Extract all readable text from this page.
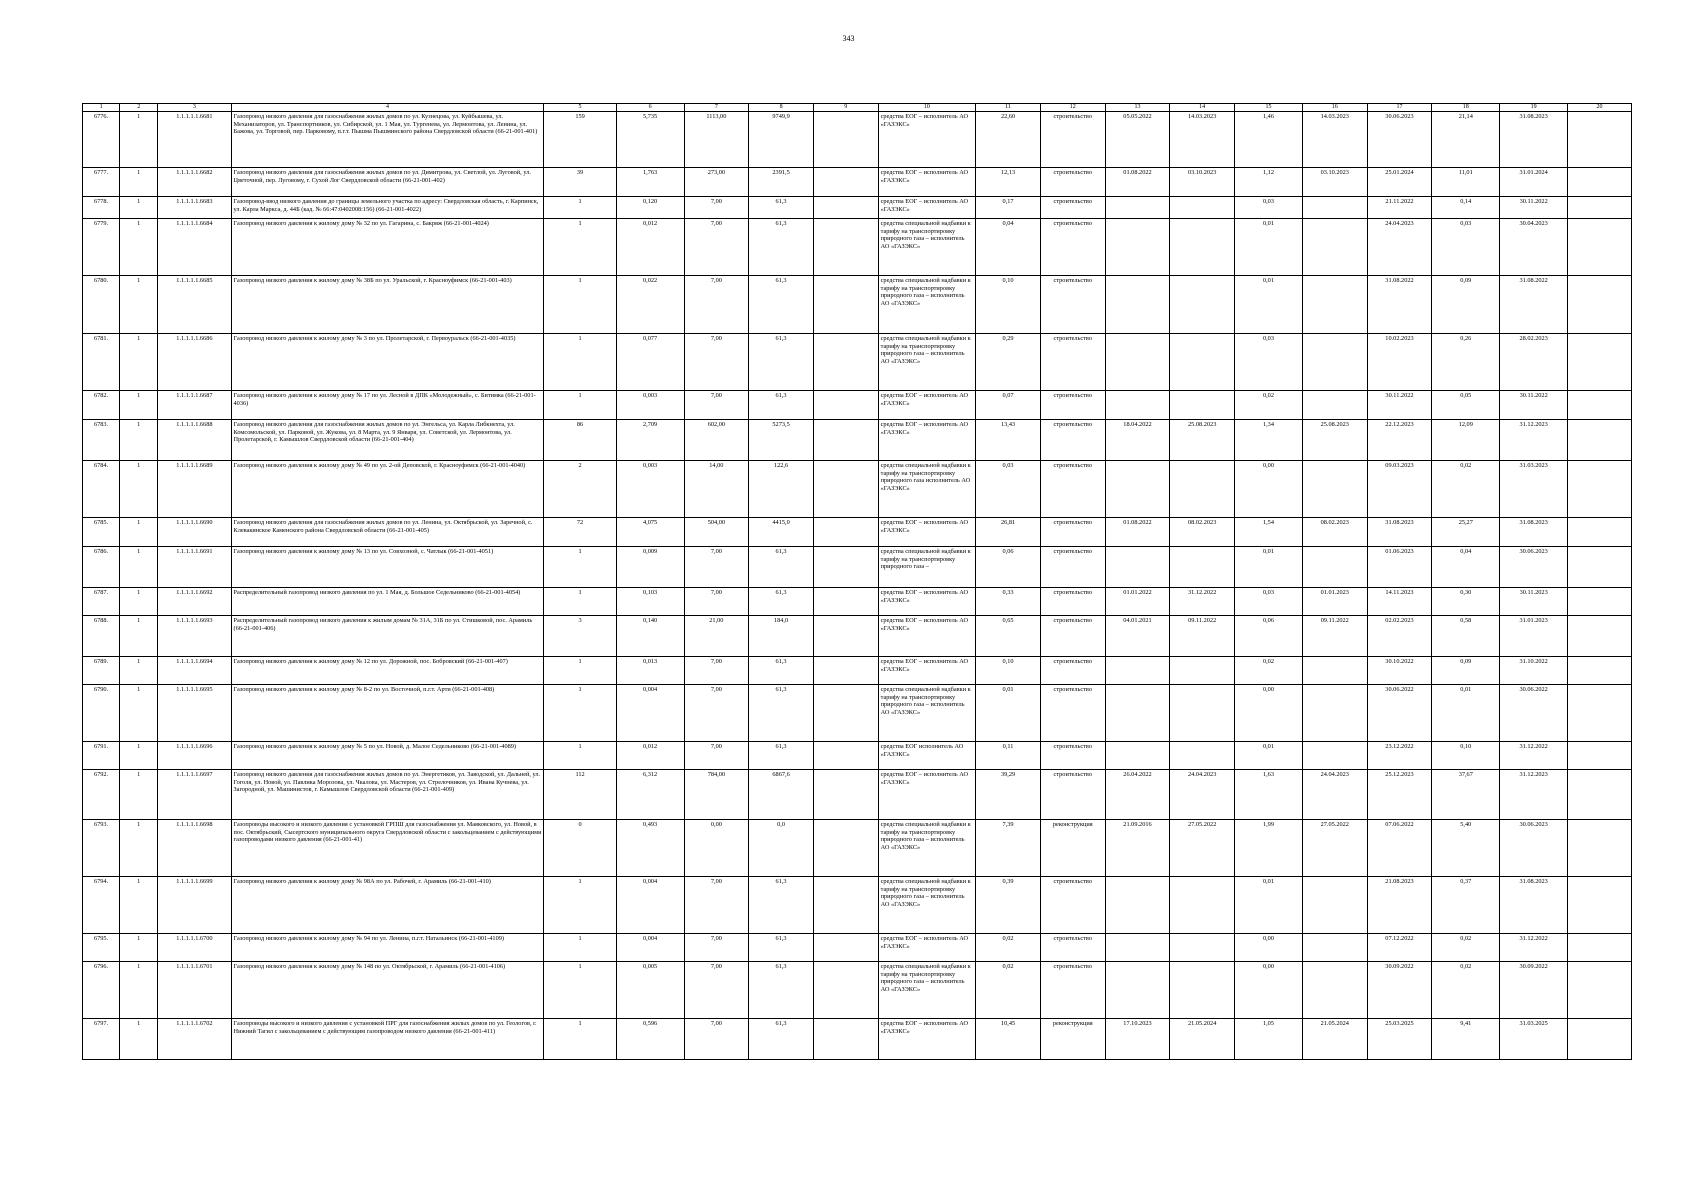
343
1	2	3	4	5	6	7	8	9	10	11	12	13	14	15	16	17	18	19	20
6776.	1	1.1.1.1.1.6681	Газопровод низкого давления для газоснабжения жилых домов по ул. Кузнецова, ул. Куйбышева, ул. Механизаторов, ул. Транспортников, ул. Сибирской, ул. 1 Мая, ул. Тургенева, ул. Лермонтова, ул. Ленина, ул. Бажова, ул. Торговой, пер. Парковому, п.г.т. Пышма Пышминского района Свердловской области (66-21-001-401)	159	5,735	1113,00	9749,9		средства ЕОГ – исполнитель АО «ГАЗЭКС»	22,60	строительство	05.05.2022	14.03.2023	1,46	14.03.2023	30.06.2023	21,14	31.08.2023	
6777.	1	1.1.1.1.1.6682	Газопровод низкого давления для газоснабжения жилых домов по ул. Димитрова, ул. Светлой, ул. Луговой, ул. Цветочной, пер. Луговому, г. Сухой Лог Свердловской области (66-21-001-402)	39	1,763	273,00	2391,5		средства ЕОГ – исполнитель АО «ГАЗЭКС»	12,13	строительство	01.08.2022	03.10.2023	1,12	03.10.2023	25.01.2024	11,01	31.01.2024	
6778.	1	1.1.1.1.1.6683	Газопровод-ввод низкого давления до границы земельного участка по адресу: Свердловская область, г. Карпинск, ул. Карла Маркса, д. 44Б (кад. № 66:47:0402008:156) (66-21-001-4022)	1	0,120	7,00	61,3		средства ЕОГ – исполнитель АО «ГАЗЭКС»	0,17	строительство			0,03		21.11.2022	0,14	30.11.2022	
6779.	1	1.1.1.1.1.6684	Газопровод низкого давления к жилому дому № 32 по ул. Гагарина, с. Бакряж (66-21-001-4024)	1	0,012	7,00	61,3		средства специальной надбавки к тарифу на транспортировку природного газа – исполнитель АО «ГАЗЭКС»	0,04	строительство			0,01		24.04.2023	0,03	30.04.2023	
6780.	1	1.1.1.1.1.6685	Газопровод низкого давления к жилому дому № 38Б по ул. Уральской, г. Красноуфимск (66-21-001-403)	1	0,022	7,00	61,3		средства специальной надбавки к тарифу на транспортировку природного газа – исполнитель АО «ГАЗЭКС»	0,10	строительство			0,01		31.08.2022	0,09	31.08.2022	
6781.	1	1.1.1.1.1.6686	Газопровод низкого давления к жилому дому № 3 по ул. Пролетарской, г. Первоуральск (66-21-001-4035)	1	0,077	7,00	61,3		средства специальной надбавки к тарифу на транспортировку природного газа – исполнитель АО «ГАЗЭКС»	0,29	строительство			0,03		10.02.2023	0,26	28.02.2023	
6782.	1	1.1.1.1.1.6687	Газопровод низкого давления к жилому дому № 17 по ул. Лесной в ДПК «Молодежный», с. Битимка (66-21-001-4036)	1	0,003	7,00	61,3		средства ЕОГ – исполнитель АО «ГАЗЭКС»	0,07	строительство			0,02		30.11.2022	0,05	30.11.2022	
6783.	1	1.1.1.1.1.6688	Газопровод низкого давления для газоснабжения жилых домов по ул. Энгельса, ул. Карла Либкнехта, ул. Комсомольской, ул. Парковой, ул. Жукова, ул. 8 Марта, ул. 9 Января, ул. Советской, ул. Лермонтова, ул. Пролетарской, г. Камышлов Свердловской области (66-21-001-404)	86	2,709	602,00	5273,5		средства ЕОГ – исполнитель АО «ГАЗЭКС»	13,43	строительство	18.04.2022	25.08.2023	1,34	25.08.2023	22.12.2023	12,09	31.12.2023	
6784.	1	1.1.1.1.1.6689	Газопровод низкого давления к жилому дому № 49 по ул. 2-ой Деповской, г. Красноуфимск (66-21-001-4040)	2	0,003	14,00	122,6		средства специальной надбавки к тарифу на транспортировку природного газа исполнитель АО «ГАЗЭКС»	0,03	строительство			0,00		09.03.2023	0,02	31.03.2023	
6785.	1	1.1.1.1.1.6690	Газопровод низкого давления для газоснабжения жилых домов по ул. Ленина, ул. Октябрьской, ул. Заречной, с. Клевакинское Каменского района Свердловской области (66-21-001-405)	72	4,075	504,00	4415,0		средства ЕОГ – исполнитель АО «ГАЗЭКС»	26,81	строительство	01.08.2022	08.02.2023	1,54	08.02.2023	31.08.2023	25,27	31.08.2023	
6786.	1	1.1.1.1.1.6691	Газопровод низкого давления к жилому дому № 13 по ул. Совхозной, с. Чатлык (66-21-001-4051)	1	0,009	7,00	61,3		средства специальной надбавки к тарифу на транспортировку природного газа –	0,06	строительство			0,01		01.06.2023	0,04	30.06.2023	
6787.	1	1.1.1.1.1.6692	Распределительный газопровод низкого давления по ул. 1 Мая, д. Большое Седельниково (66-21-001-4054)	1	0,103	7,00	61,3		средства ЕОГ – исполнитель АО «ГАЗЭКС»	0,33	строительство	01.01.2022	31.12.2022	0,03	01.01.2023	14.11.2023	0,30	30.11.2023	
6788.	1	1.1.1.1.1.6693	Распределительный газопровод низкого давления к жилым домам № 31А, 31Б по ул. Стишковой, пос. Арамиль (66-21-001-406)	3	0,140	21,00	184,0		средства ЕОГ – исполнитель АО «ГАЗЭКС»	0,65	строительство	04.01.2021	09.11.2022	0,06	09.11.2022	02.02.2023	0,58	31.01.2023	
6789.	1	1.1.1.1.1.6694	Газопровод низкого давления к жилому дому № 12 по ул. Дорожной, пос. Бобровский (66-21-001-407)	1	0,013	7,00	61,3		средства ЕОГ – исполнитель АО «ГАЗЭКС»	0,10	строительство			0,02		30.10.2022	0,09	31.10.2022	
6790.	1	1.1.1.1.1.6695	Газопровод низкого давления к жилому дому № 8-2 по ул. Восточной, п.г.т. Арти (66-21-001-408)	1	0,004	7,00	61,3		средства специальной надбавки к тарифу на транспортировку природного газа – исполнитель АО «ГАЗЭКС»	0,01	строительство			0,00		30.06.2022	0,01	30.06.2022	
6791.	1	1.1.1.1.1.6696	Газопровод низкого давления к жилому дому № 5 по ул. Новой, д. Малое Седельниково (66-21-001-4089)	1	0,012	7,00	61,3		средства ЕОГ исполнитель АО «ГАЗЭКС»	0,11	строительство			0,01		23.12.2022	0,10	31.12.2022	
6792.	1	1.1.1.1.1.6697	Газопровод низкого давления для газоснабжения жилых домов по ул. Энергетиков, ул. Заводской, ул. Дальней, ул. Гоголя, ул. Новой, ул. Павлика Морозова, ул. Чкалова, ул. Мастеров, ул. Стрелочников, ул. Ивана Кучнева, ул. Загородной, ул. Машинистов, г. Камышлов Свердловской области (66-21-001-409)	112	6,312	784,00	6867,6		средства ЕОГ – исполнитель АО «ГАЗЭКС»	39,29	строительство	26.04.2022	24.04.2023	1,63	24.04.2023	25.12.2023	37,67	31.12.2023	
6793.	1	1.1.1.1.1.6698	Газопроводы высокого и низкого давления с установкой ГРПШ для газоснабжения ул. Маяковского, ул. Новой, в пос. Октябрьский, Сысертского муниципального округа Свердловской области с закольцеванием с действующими газопроводами низкого давления (66-21-001-41)	0	0,493	0,00	0,0		средства специальной надбавки к тарифу на транспортировку природного газа – исполнитель АО «ГАЗЭКС»	7,39	реконструкция	21.09.2016	27.05.2022	1,99	27.05.2022	07.06.2022	5,40	30.06.2023	
6794.	1	1.1.1.1.1.6699	Газопровод низкого давления к жилому дому № 98А по ул. Рабочей, г. Арамиль (66-21-001-410)	1	0,004	7,00	61,3		средства специальной надбавки к тарифу на транспортировку природного газа – исполнитель АО «ГАЗЭКС»	0,39	строительство			0,01		21.08.2023	0,37	31.08.2023	
6795.	1	1.1.1.1.1.6700	Газопровод низкого давления к жилому дому № 94 по ул. Ленина, п.г.т. Натальинск (66-21-001-4109)	1	0,004	7,00	61,3		средства ЕОГ – исполнитель АО «ГАЗЭКС»	0,02	строительство			0,00		07.12.2022	0,02	31.12.2022	
6796.	1	1.1.1.1.1.6701	Газопровод низкого давления к жилому дому № 148 по ул. Октябрьской, г. Арамиль (66-21-001-4106)	1	0,005	7,00	61,3		средства специальной надбавки к тарифу на транспортировку природного газа – исполнитель АО «ГАЗЭКС»	0,02	строительство			0,00		30.09.2022	0,02	30.09.2022	
6797.	1	1.1.1.1.1.6702	Газопроводы высокого и низкого давления с установкой ПРГ для газоснабжения жилых домов по ул. Геологов, г. Нижний Тагил с закольцеванием с действующим газопроводом низкого давления (66-21-001-411)	1	0,596	7,00	61,3		средства ЕОГ – исполнитель АО «ГАЗЭКС»	10,45	реконструкция	17.10.2023	21.05.2024	1,05	21.05.2024	25.03.2025	9,41	31.03.2025	
